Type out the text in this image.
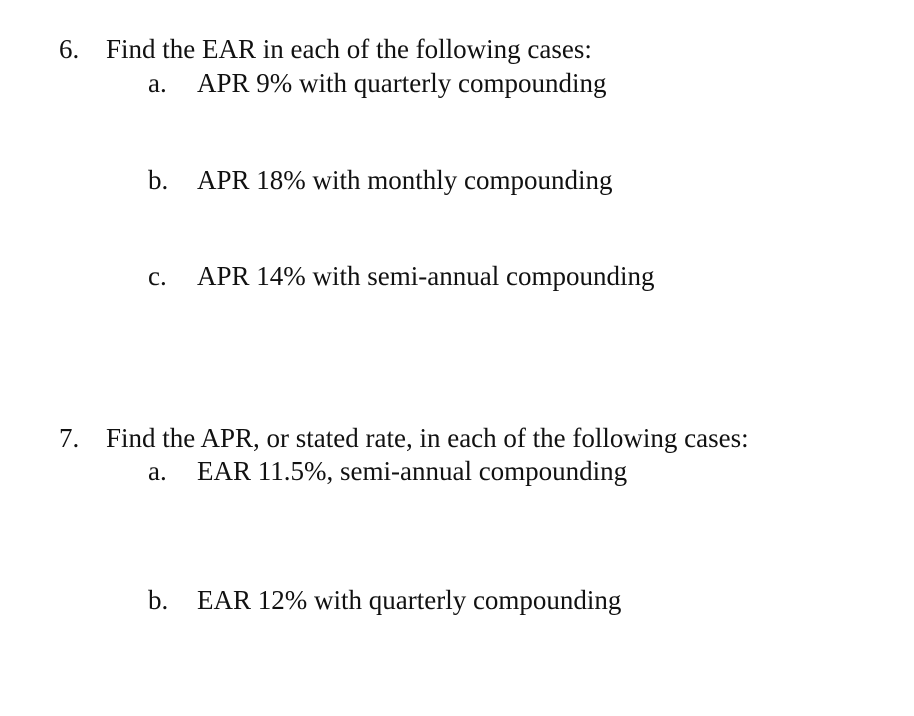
6. Find the EAR in each of the following cases:
a. APR 9% with quarterly compounding
b. APR 18% with monthly compounding
c. APR 14% with semi-annual compounding
7. Find the APR, or stated rate, in each of the following cases:
a. EAR 11.5%, semi-annual compounding
b. EAR 12% with quarterly compounding
